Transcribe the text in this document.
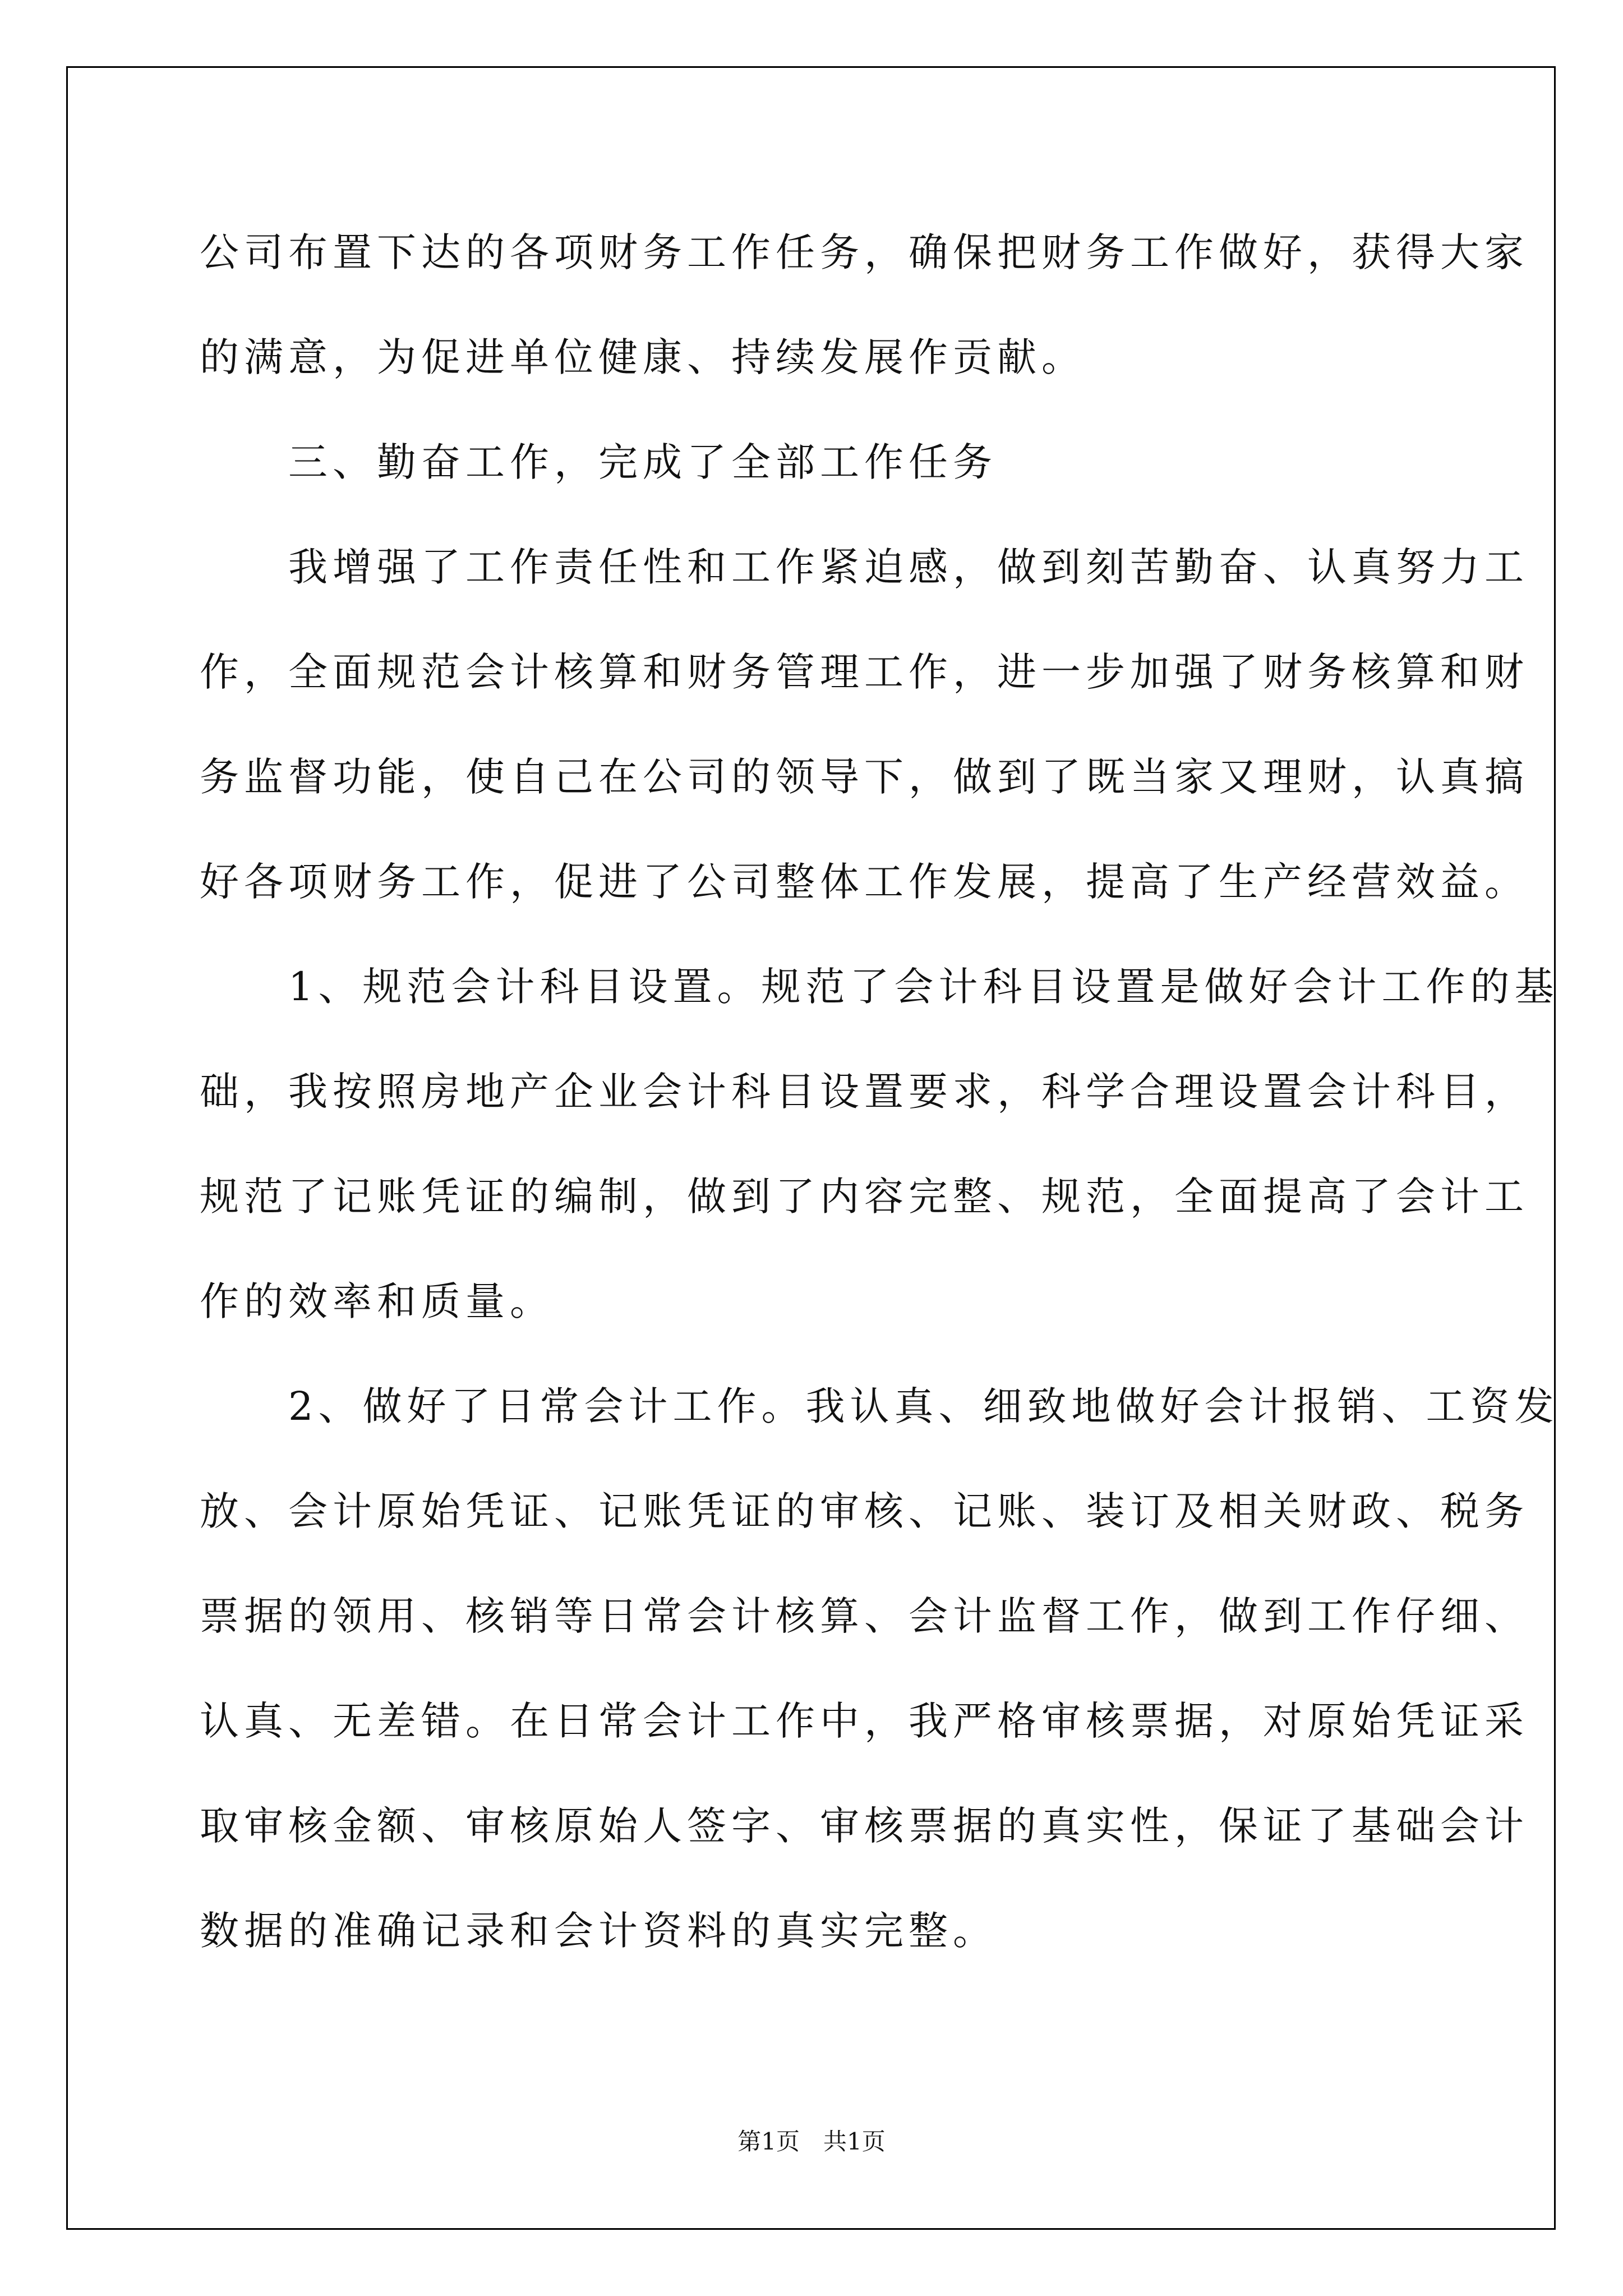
公司布置下达的各项财务工作任务，确保把财务工作做好，获得大家
的满意，为促进单位健康、持续发展作贡献。
　　三、勤奋工作，完成了全部工作任务
　　我增强了工作责任性和工作紧迫感，做到刻苦勤奋、认真努力工
作，全面规范会计核算和财务管理工作，进一步加强了财务核算和财
务监督功能，使自己在公司的领导下，做到了既当家又理财，认真搞
好各项财务工作，促进了公司整体工作发展，提高了生产经营效益。
　　1、规范会计科目设置。规范了会计科目设置是做好会计工作的基
础，我按照房地产企业会计科目设置要求，科学合理设置会计科目，
规范了记账凭证的编制，做到了内容完整、规范，全面提高了会计工
作的效率和质量。
　　2、做好了日常会计工作。我认真、细致地做好会计报销、工资发
放、会计原始凭证、记账凭证的审核、记账、装订及相关财政、税务
票据的领用、核销等日常会计核算、会计监督工作，做到工作仔细、
认真、无差错。在日常会计工作中，我严格审核票据，对原始凭证采
取审核金额、审核原始人签字、审核票据的真实性，保证了基础会计
数据的准确记录和会计资料的真实完整。
第1页　共1页
